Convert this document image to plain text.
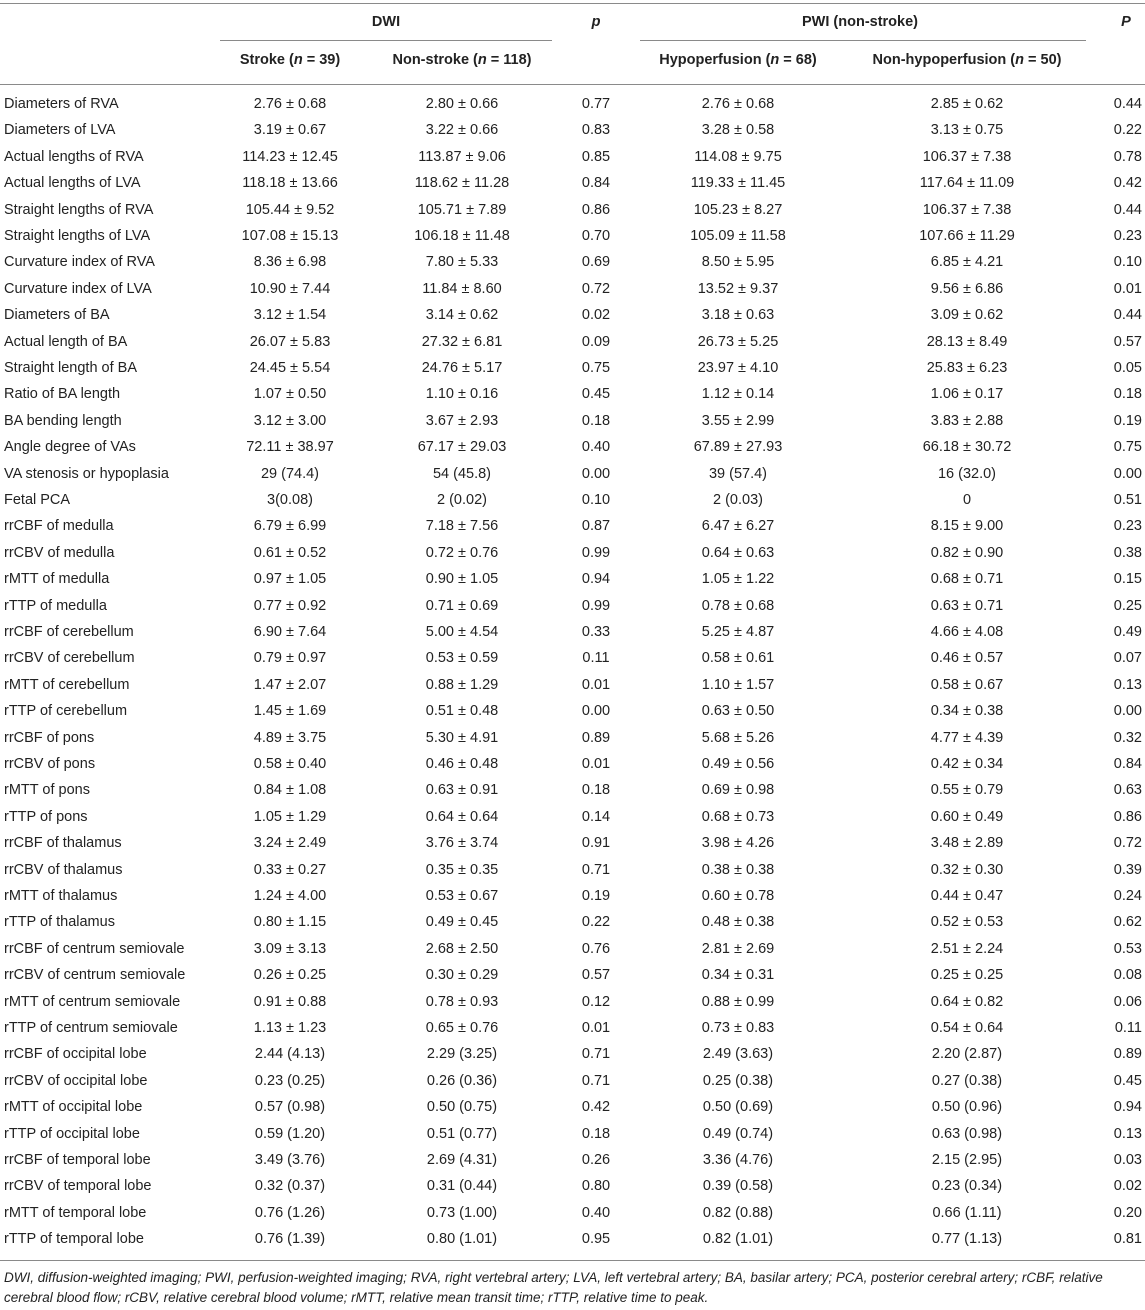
DWI	p	PWI (non-stroke)	P
Stroke (n = 39)	Non-stroke (n = 118)	Hypoperfusion (n = 68)	Non-hypoperfusion (n = 50)
Diameters of RVA	2.76 ± 0.68	2.80 ± 0.66	0.77	2.76 ± 0.68	2.85 ± 0.62	0.44
Diameters of LVA	3.19 ± 0.67	3.22 ± 0.66	0.83	3.28 ± 0.58	3.13 ± 0.75	0.22
Actual lengths of RVA	114.23 ± 12.45	113.87 ± 9.06	0.85	114.08 ± 9.75	106.37 ± 7.38	0.78
Actual lengths of LVA	118.18 ± 13.66	118.62 ± 11.28	0.84	119.33 ± 11.45	117.64 ± 11.09	0.42
Straight lengths of RVA	105.44 ± 9.52	105.71 ± 7.89	0.86	105.23 ± 8.27	106.37 ± 7.38	0.44
Straight lengths of LVA	107.08 ± 15.13	106.18 ± 11.48	0.70	105.09 ± 11.58	107.66 ± 11.29	0.23
Curvature index of RVA	8.36 ± 6.98	7.80 ± 5.33	0.69	8.50 ± 5.95	6.85 ± 4.21	0.10
Curvature index of LVA	10.90 ± 7.44	11.84 ± 8.60	0.72	13.52 ± 9.37	9.56 ± 6.86	0.01
Diameters of BA	3.12 ± 1.54	3.14 ± 0.62	0.02	3.18 ± 0.63	3.09 ± 0.62	0.44
Actual length of BA	26.07 ± 5.83	27.32 ± 6.81	0.09	26.73 ± 5.25	28.13 ± 8.49	0.57
Straight length of BA	24.45 ± 5.54	24.76 ± 5.17	0.75	23.97 ± 4.10	25.83 ± 6.23	0.05
Ratio of BA length	1.07 ± 0.50	1.10 ± 0.16	0.45	1.12 ± 0.14	1.06 ± 0.17	0.18
BA bending length	3.12 ± 3.00	3.67 ± 2.93	0.18	3.55 ± 2.99	3.83 ± 2.88	0.19
Angle degree of VAs	72.11 ± 38.97	67.17 ± 29.03	0.40	67.89 ± 27.93	66.18 ± 30.72	0.75
VA stenosis or hypoplasia	29 (74.4)	54 (45.8)	0.00	39 (57.4)	16 (32.0)	0.00
Fetal PCA	3(0.08)	2 (0.02)	0.10	2 (0.03)	0	0.51
rrCBF of medulla	6.79 ± 6.99	7.18 ± 7.56	0.87	6.47 ± 6.27	8.15 ± 9.00	0.23
rrCBV of medulla	0.61 ± 0.52	0.72 ± 0.76	0.99	0.64 ± 0.63	0.82 ± 0.90	0.38
rMTT of medulla	0.97 ± 1.05	0.90 ± 1.05	0.94	1.05 ± 1.22	0.68 ± 0.71	0.15
rTTP of medulla	0.77 ± 0.92	0.71 ± 0.69	0.99	0.78 ± 0.68	0.63 ± 0.71	0.25
rrCBF of cerebellum	6.90 ± 7.64	5.00 ± 4.54	0.33	5.25 ± 4.87	4.66 ± 4.08	0.49
rrCBV of cerebellum	0.79 ± 0.97	0.53 ± 0.59	0.11	0.58 ± 0.61	0.46 ± 0.57	0.07
rMTT of cerebellum	1.47 ± 2.07	0.88 ± 1.29	0.01	1.10 ± 1.57	0.58 ± 0.67	0.13
rTTP of cerebellum	1.45 ± 1.69	0.51 ± 0.48	0.00	0.63 ± 0.50	0.34 ± 0.38	0.00
rrCBF of pons	4.89 ± 3.75	5.30 ± 4.91	0.89	5.68 ± 5.26	4.77 ± 4.39	0.32
rrCBV of pons	0.58 ± 0.40	0.46 ± 0.48	0.01	0.49 ± 0.56	0.42 ± 0.34	0.84
rMTT of pons	0.84 ± 1.08	0.63 ± 0.91	0.18	0.69 ± 0.98	0.55 ± 0.79	0.63
rTTP of pons	1.05 ± 1.29	0.64 ± 0.64	0.14	0.68 ± 0.73	0.60 ± 0.49	0.86
rrCBF of thalamus	3.24 ± 2.49	3.76 ± 3.74	0.91	3.98 ± 4.26	3.48 ± 2.89	0.72
rrCBV of thalamus	0.33 ± 0.27	0.35 ± 0.35	0.71	0.38 ± 0.38	0.32 ± 0.30	0.39
rMTT of thalamus	1.24 ± 4.00	0.53 ± 0.67	0.19	0.60 ± 0.78	0.44 ± 0.47	0.24
rTTP of thalamus	0.80 ± 1.15	0.49 ± 0.45	0.22	0.48 ± 0.38	0.52 ± 0.53	0.62
rrCBF of centrum semiovale	3.09 ± 3.13	2.68 ± 2.50	0.76	2.81 ± 2.69	2.51 ± 2.24	0.53
rrCBV of centrum semiovale	0.26 ± 0.25	0.30 ± 0.29	0.57	0.34 ± 0.31	0.25 ± 0.25	0.08
rMTT of centrum semiovale	0.91 ± 0.88	0.78 ± 0.93	0.12	0.88 ± 0.99	0.64 ± 0.82	0.06
rTTP of centrum semiovale	1.13 ± 1.23	0.65 ± 0.76	0.01	0.73 ± 0.83	0.54 ± 0.64	0.11
rrCBF of occipital lobe	2.44 (4.13)	2.29 (3.25)	0.71	2.49 (3.63)	2.20 (2.87)	0.89
rrCBV of occipital lobe	0.23 (0.25)	0.26 (0.36)	0.71	0.25 (0.38)	0.27 (0.38)	0.45
rMTT of occipital lobe	0.57 (0.98)	0.50 (0.75)	0.42	0.50 (0.69)	0.50 (0.96)	0.94
rTTP of occipital lobe	0.59 (1.20)	0.51 (0.77)	0.18	0.49 (0.74)	0.63 (0.98)	0.13
rrCBF of temporal lobe	3.49 (3.76)	2.69 (4.31)	0.26	3.36 (4.76)	2.15 (2.95)	0.03
rrCBV of temporal lobe	0.32 (0.37)	0.31 (0.44)	0.80	0.39 (0.58)	0.23 (0.34)	0.02
rMTT of temporal lobe	0.76 (1.26)	0.73 (1.00)	0.40	0.82 (0.88)	0.66 (1.11)	0.20
rTTP of temporal lobe	0.76 (1.39)	0.80 (1.01)	0.95	0.82 (1.01)	0.77 (1.13)	0.81
DWI, diffusion-weighted imaging; PWI, perfusion-weighted imaging; RVA, right vertebral artery; LVA, left vertebral artery; BA, basilar artery; PCA, posterior cerebral artery; rCBF, relative cerebral blood flow; rCBV, relative cerebral blood volume; rMTT, relative mean transit time; rTTP, relative time to peak.
